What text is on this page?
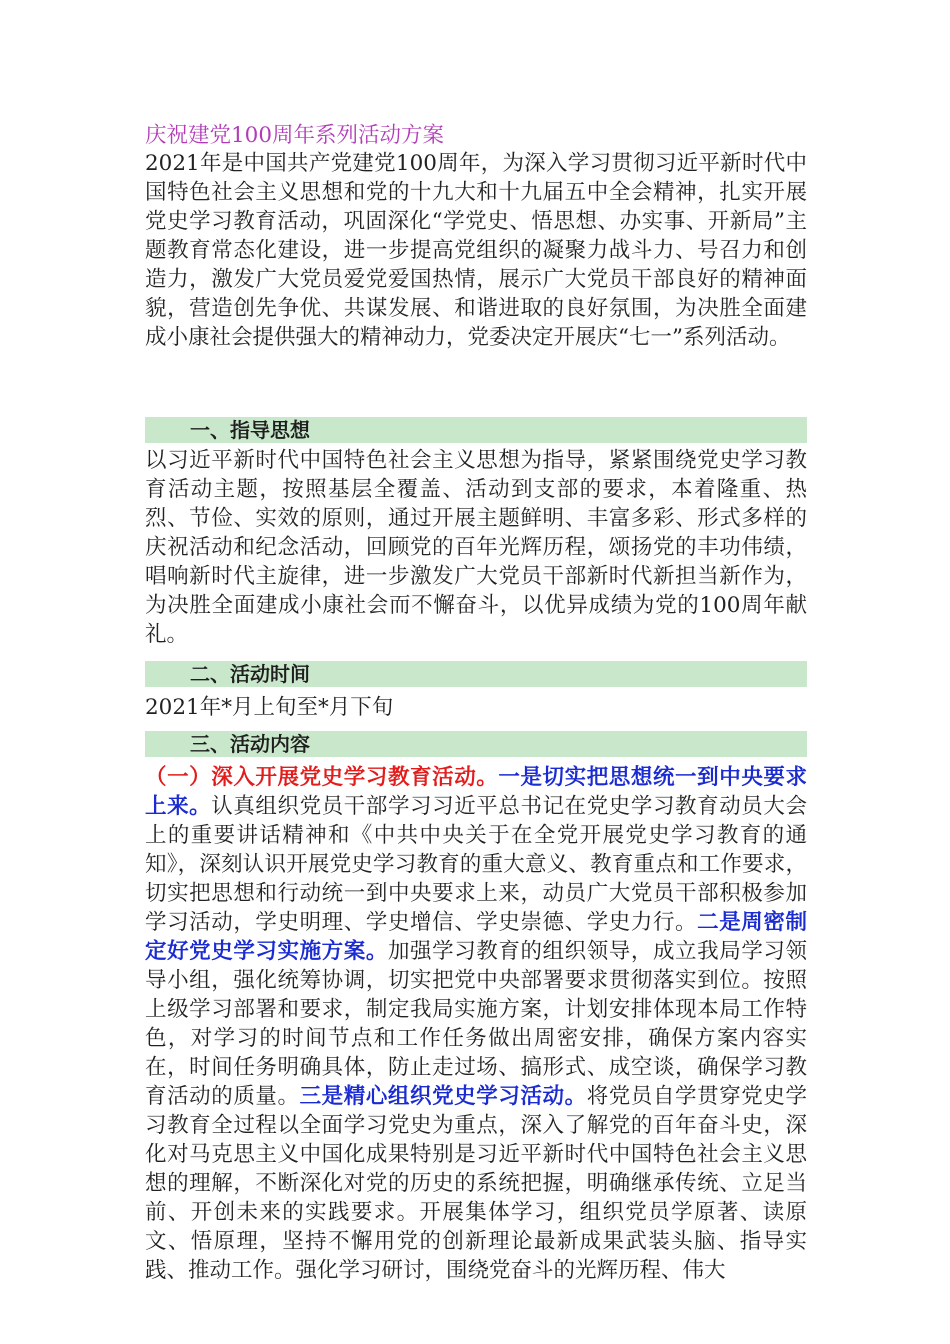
庆祝建党100周年系列活动方案

2021年是中国共产党建党100周年，为深入学习贯彻习近平新时代中国特色社会主义思想和党的十九大和十九届五中全会精神，扎实开展党史学习教育活动，巩固深化“学党史、悟思想、办实事、开新局”主题教育常态化建设，进一步提高党组织的凝聚力战斗力、号召力和创造力，激发广大党员爱党爱国热情，展示广大党员干部良好的精神面貌，营造创先争优、共谋发展、和谐进取的良好氛围，为决胜全面建成小康社会提供强大的精神动力，党委决定开展庆“七一”系列活动。

一、指导思想

以习近平新时代中国特色社会主义思想为指导，紧紧围绕党史学习教育活动主题，按照基层全覆盖、活动到支部的要求，本着隆重、热烈、节俭、实效的原则，通过开展主题鲜明、丰富多彩、形式多样的庆祝活动和纪念活动，回顾党的百年光辉历程，颂扬党的丰功伟绩，唱响新时代主旋律，进一步激发广大党员干部新时代新担当新作为，为决胜全面建成小康社会而不懈奋斗，以优异成绩为党的100周年献礼。

二、活动时间

2021年*月上旬至*月下旬

三、活动内容

（一）深入开展党史学习教育活动。一是切实把思想统一到中央要求上来。认真组织党员干部学习习近平总书记在党史学习教育动员大会上的重要讲话精神和《中共中央关于在全党开展党史学习教育的通知》，深刻认识开展党史学习教育的重大意义、教育重点和工作要求，切实把思想和行动统一到中央要求上来，动员广大党员干部积极参加学习活动，学史明理、学史增信、学史崇德、学史力行。二是周密制定好党史学习实施方案。加强学习教育的组织领导，成立我局学习领导小组，强化统筹协调，切实把党中央部署要求贯彻落实到位。按照上级学习部署和要求，制定我局实施方案，计划安排体现本局工作特色，对学习的时间节点和工作任务做出周密安排，确保方案内容实在，时间任务明确具体，防止走过场、搞形式、成空谈，确保学习教育活动的质量。三是精心组织党史学习活动。将党员自学贯穿党史学习教育全过程以全面学习党史为重点，深入了解党的百年奋斗史，深化对马克思主义中国化成果特别是习近平新时代中国特色社会主义思想的理解，不断深化对党的历史的系统把握，明确继承传统、立足当前、开创未来的实践要求。开展集体学习，组织党员学原著、读原文、悟原理，坚持不懈用党的创新理论最新成果武装头脑、指导实践、推动工作。强化学习研讨，围绕党奋斗的光辉历程、伟大
